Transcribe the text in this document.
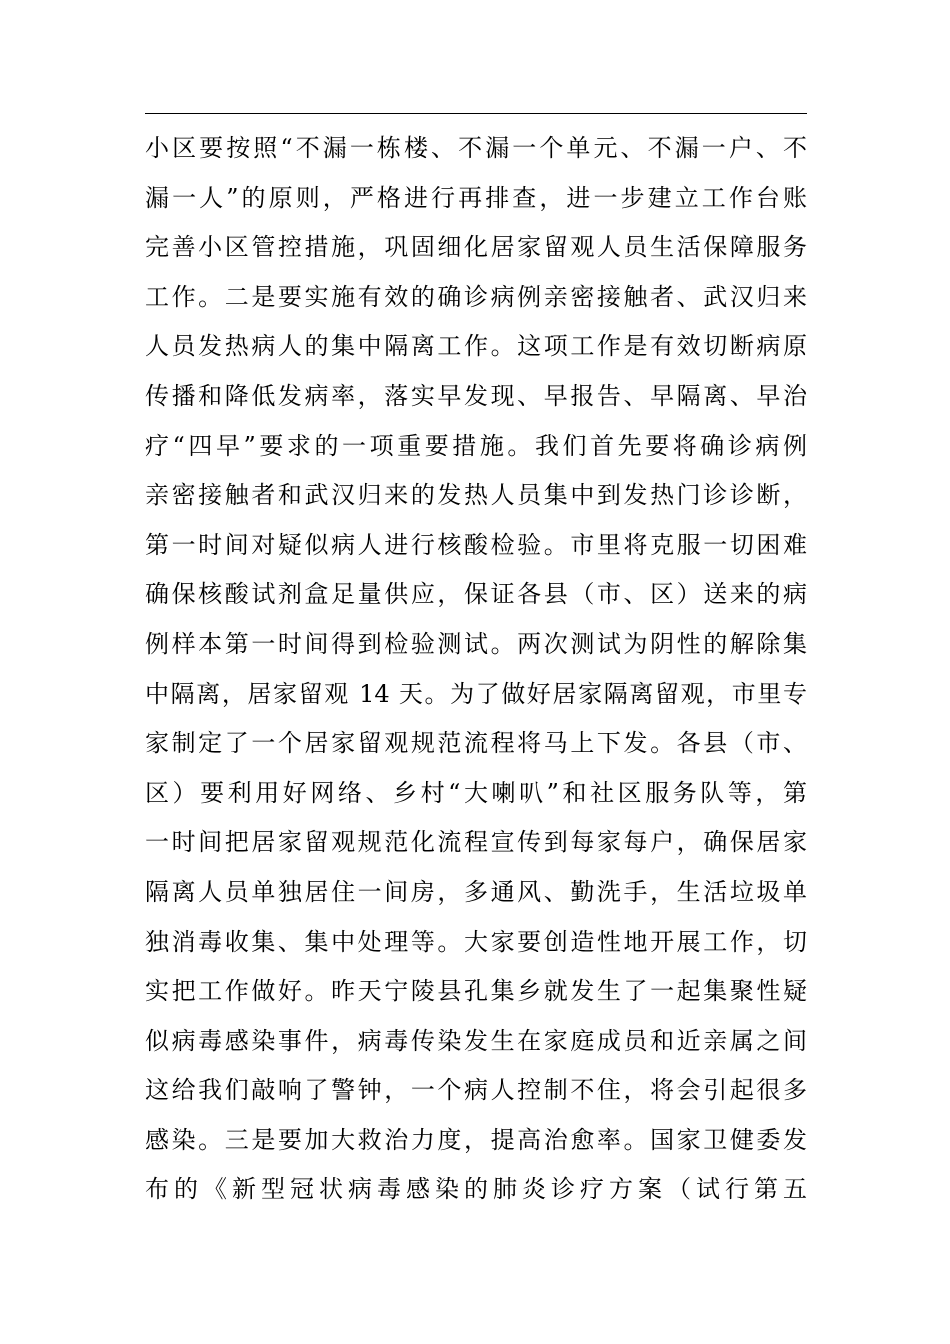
小区要按照“不漏一栋楼、不漏一个单元、不漏一户、不
漏一人”的原则，严格进行再排查，进一步建立工作台账
完善小区管控措施，巩固细化居家留观人员生活保障服务
工作。二是要实施有效的确诊病例亲密接触者、武汉归来
人员发热病人的集中隔离工作。这项工作是有效切断病原
传播和降低发病率，落实早发现、早报告、早隔离、早治
疗“四早”要求的一项重要措施。我们首先要将确诊病例
亲密接触者和武汉归来的发热人员集中到发热门诊诊断，
第一时间对疑似病人进行核酸检验。市里将克服一切困难
确保核酸试剂盒足量供应，保证各县（市、区）送来的病
例样本第一时间得到检验测试。两次测试为阴性的解除集
中隔离，居家留观 14 天。为了做好居家隔离留观，市里专
家制定了一个居家留观规范流程将马上下发。各县（市、
区）要利用好网络、乡村“大喇叭”和社区服务队等，第
一时间把居家留观规范化流程宣传到每家每户，确保居家
隔离人员单独居住一间房，多通风、勤洗手，生活垃圾单
独消毒收集、集中处理等。大家要创造性地开展工作，切
实把工作做好。昨天宁陵县孔集乡就发生了一起集聚性疑
似病毒感染事件，病毒传染发生在家庭成员和近亲属之间
这给我们敲响了警钟，一个病人控制不住，将会引起很多
感染。三是要加大救治力度，提高治愈率。国家卫健委发
布的《新型冠状病毒感染的肺炎诊疗方案（试行第五
